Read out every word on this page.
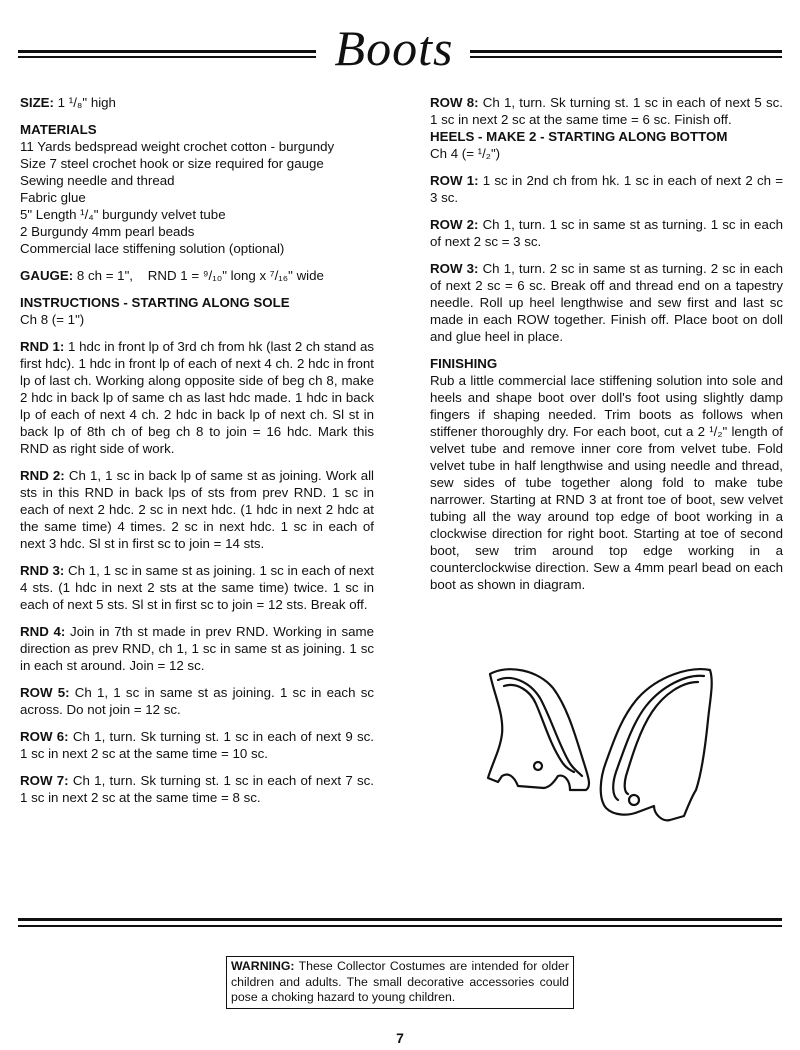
Boots

SIZE: 1 ¹/₈" high

MATERIALS
11 Yards bedspread weight crochet cotton - burgundy
Size 7 steel crochet hook or size required for gauge
Sewing needle and thread
Fabric glue
5" Length ¹/₄" burgundy velvet tube
2 Burgundy 4mm pearl beads
Commercial lace stiffening solution (optional)

GAUGE: 8 ch = 1",    RND 1 = ⁹/₁₀" long x ⁷/₁₆" wide

INSTRUCTIONS - STARTING ALONG SOLE
Ch 8 (= 1")

RND 1: 1 hdc in front lp of 3rd ch from hk (last 2 ch stand as first hdc). 1 hdc in front lp of each of next 4 ch. 2 hdc in front lp of last ch. Working along opposite side of beg ch 8, make 2 hdc in back lp of same ch as last hdc made. 1 hdc in back lp of each of next 4 ch. 2 hdc in back lp of next ch. Sl st in back lp of 8th ch of beg ch 8 to join = 16 hdc. Mark this RND as right side of work.

RND 2: Ch 1, 1 sc in back lp of same st as joining. Work all sts in this RND in back lps of sts from prev RND. 1 sc in each of next 2 hdc. 2 sc in next hdc. (1 hdc in next 2 hdc at the same time) 4 times. 2 sc in next hdc. 1 sc in each of next 3 hdc. Sl st in first sc to join = 14 sts.

RND 3: Ch 1, 1 sc in same st as joining. 1 sc in each of next 4 sts. (1 hdc in next 2 sts at the same time) twice. 1 sc in each of next 5 sts. Sl st in first sc to join = 12 sts. Break off.

RND 4: Join in 7th st made in prev RND. Working in same direction as prev RND, ch 1, 1 sc in same st as joining. 1 sc in each st around. Join = 12 sc.

ROW 5: Ch 1, 1 sc in same st as joining. 1 sc in each sc across. Do not join = 12 sc.

ROW 6: Ch 1, turn. Sk turning st. 1 sc in each of next 9 sc. 1 sc in next 2 sc at the same time = 10 sc.

ROW 7: Ch 1, turn. Sk turning st. 1 sc in each of next 7 sc. 1 sc in next 2 sc at the same time = 8 sc.

ROW 8: Ch 1, turn. Sk turning st. 1 sc in each of next 5 sc. 1 sc in next 2 sc at the same time = 6 sc. Finish off.

HEELS - MAKE 2 - STARTING ALONG BOTTOM
Ch 4 (= ¹/₂")

ROW 1: 1 sc in 2nd ch from hk. 1 sc in each of next 2 ch = 3 sc.

ROW 2: Ch 1, turn. 1 sc in same st as turning. 1 sc in each of next 2 sc = 3 sc.

ROW 3: Ch 1, turn. 2 sc in same st as turning. 2 sc in each of next 2 sc = 6 sc. Break off and thread end on a tapestry needle. Roll up heel lengthwise and sew first and last sc made in each ROW together. Finish off. Place boot on doll and glue heel in place.

FINISHING

Rub a little commercial lace stiffening solution into sole and heels and shape boot over doll's foot using slightly damp fingers if shaping needed. Trim boots as follows when stiffener thoroughly dry. For each boot, cut a 2 ¹/₂" length of velvet tube and remove inner core from velvet tube. Fold velvet tube in half lengthwise and using needle and thread, sew sides of tube together along fold to make tube narrower. Starting at RND 3 at front toe of boot, sew velvet tubing all the way around top edge of boot working in a clockwise direction for right boot. Starting at toe of second boot, sew trim around top edge working in a counterclockwise direction. Sew a 4mm pearl bead on each boot as shown in diagram.

WARNING: These Collector Costumes are intended for older children and adults. The small decorative accessories could pose a choking hazard to young children.
7
